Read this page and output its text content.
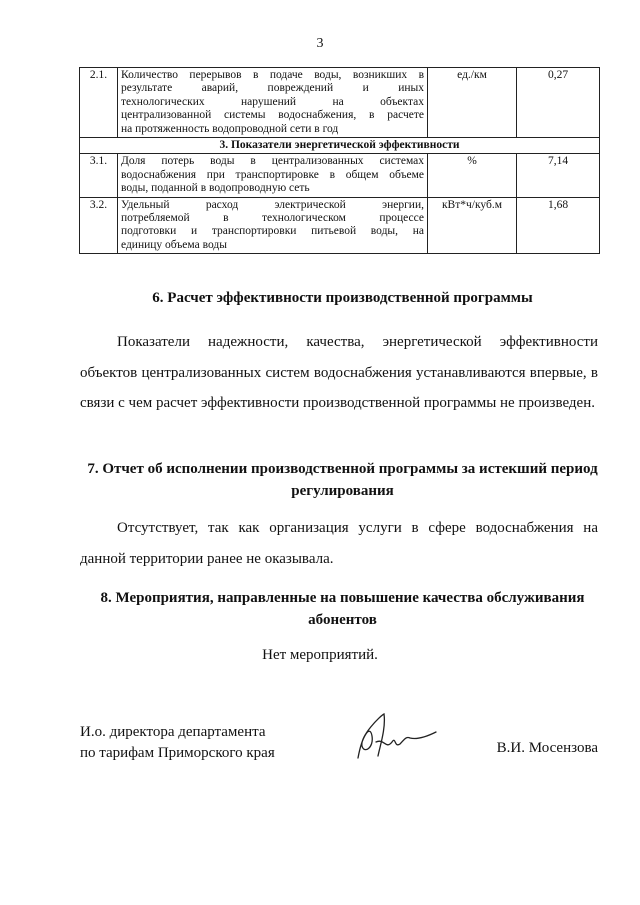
3
2.1.	Количество перерывов в подаче воды, возникших в
результате аварий, повреждений и иных
технологических нарушений на объектах
централизованной системы водоснабжения, в расчете

на протяженность водопроводной сети в год	ед./км	0,27
3. Показатели энергетической эффективности			
3.1.	Доля потерь воды в централизованных системах
водоснабжения при транспортировке в общем объеме

воды, поданной в водопроводную сеть	%	7,14
3.2.	Удельный расход электрической энергии,
потребляемой в технологическом процессе
подготовки и транспортировки питьевой воды, на

единицу объема воды	кВт*ч/куб.м	1,68
6. Расчет эффективности производственной программы
Показатели надежности, качества, энергетической эффективности объектов централизованных систем водоснабжения устанавливаются впервые, в связи с чем расчет эффективности производственной программы не произведен.
7. Отчет об исполнении производственной программы за истекший период регулирования
Отсутствует, так как организация услуги в сфере водоснабжения на данной территории ранее не оказывала.
8. Мероприятия, направленные на повышение качества обслуживания абонентов
Нет мероприятий.
И.о. директора департамента
по тарифам Приморского края	В.И. Мосензова
